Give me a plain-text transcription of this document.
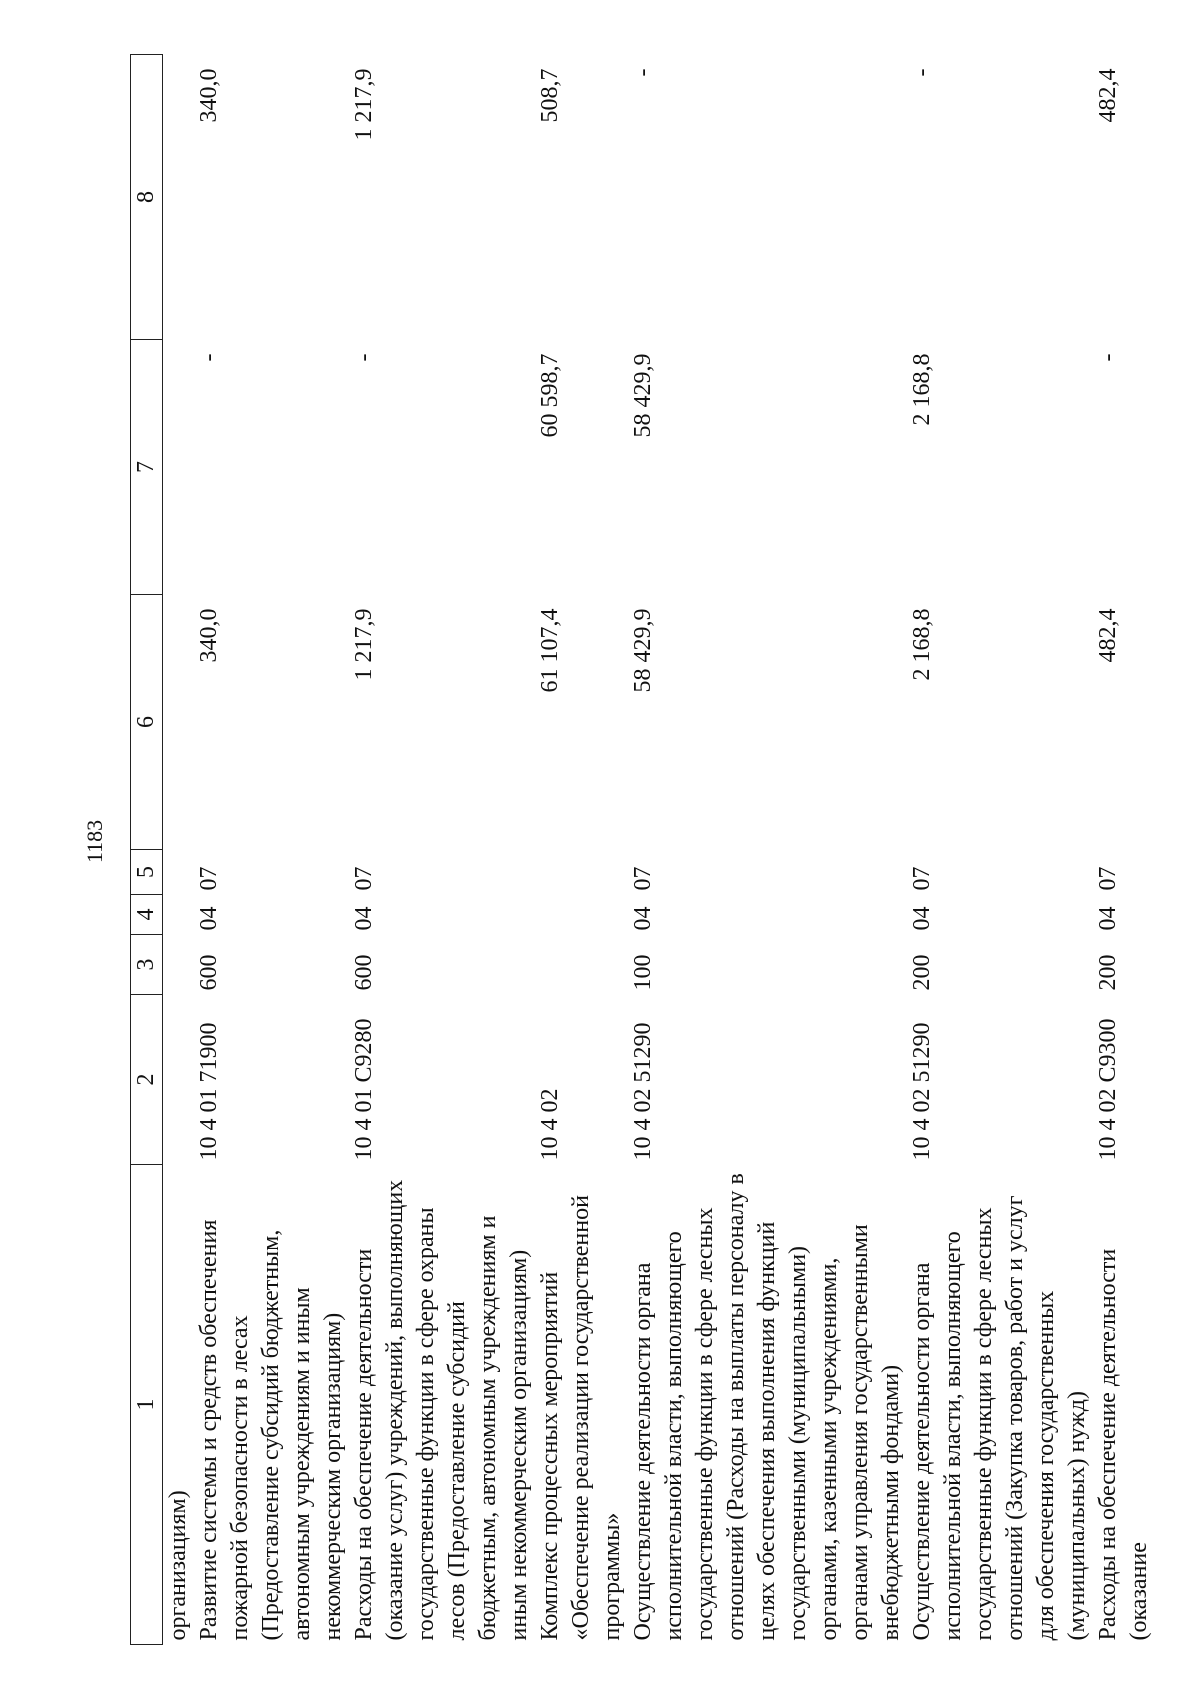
1183
1	2	3	4	5	6	7	8
организациям)							
Развитие системы и средств обеспечения пожарной безопасности в лесах (Предоставление субсидий бюджетным, автономным учреждениям и иным некоммерческим организациям)	10 4 01 71900	600	04	07	340,0	-	340,0
Расходы на обеспечение деятельности (оказание услуг) учреждений, выполняющих государственные функции в сфере охраны лесов (Предоставление субсидий бюджетным, автономным учреждениям и иным некоммерческим организациям)	10 4 01 С9280	600	04	07	1 217,9	-	1 217,9
Комплекс процессных мероприятий «Обеспечение реализации государственной программы»	10 4 02				61 107,4	60 598,7	508,7
Осуществление деятельности органа исполнительной власти, выполняющего государственные функции в сфере лесных отношений (Расходы на выплаты персоналу в целях обеспечения выполнения функций государственными (муниципальными) органами, казенными учреждениями, органами управления государственными внебюджетными фондами)	10 4 02 51290	100	04	07	58 429,9	58 429,9	-
Осуществление деятельности органа исполнительной власти, выполняющего государственные функции в сфере лесных отношений (Закупка товаров, работ и услуг для обеспечения государственных (муниципальных) нужд)	10 4 02 51290	200	04	07	2 168,8	2 168,8	-
Расходы на обеспечение деятельности (оказание	10 4 02 С9300	200	04	07	482,4	-	482,4
